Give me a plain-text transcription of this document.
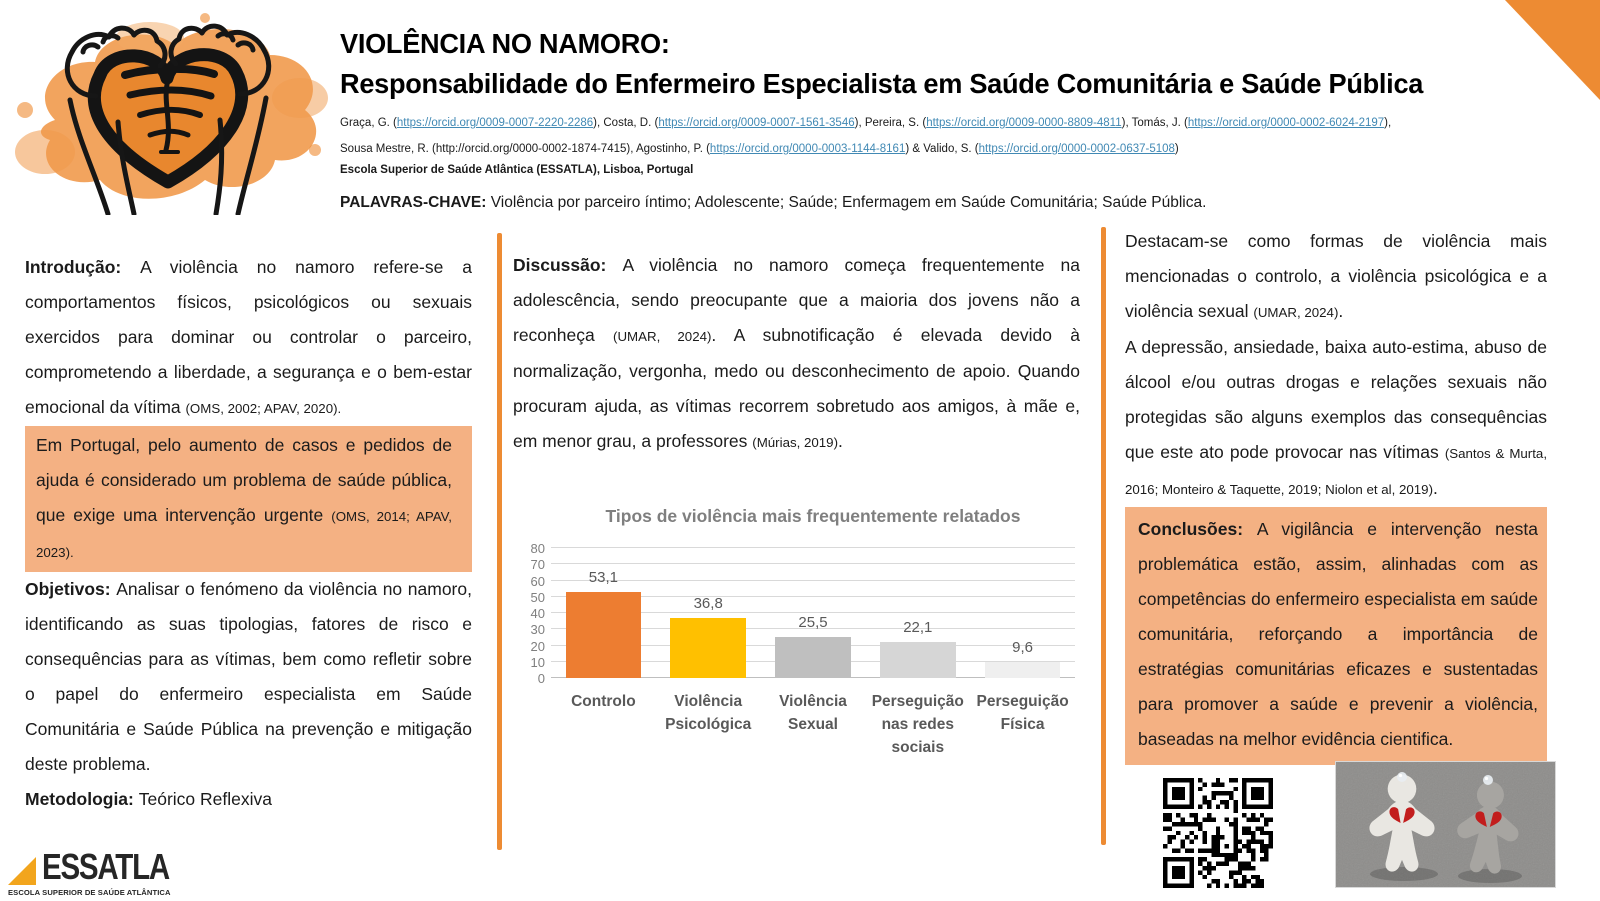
VIOLÊNCIA NO NAMORO:
Responsabilidade do Enfermeiro Especialista em Saúde Comunitária e Saúde Pública

Graça, G. (https://orcid.org/0009-0007-2220-2286), Costa, D. (https://orcid.org/0009-0007-1561-3546), Pereira, S. (https://orcid.org/0009-0000-8809-4811), Tomás, J. (https://orcid.org/0000-0002-6024-2197),

Sousa Mestre, R. (http://orcid.org/0000-0002-1874-7415), Agostinho, P. (https://orcid.org/0000-0003-1144-8161) & Valido, S. (https://orcid.org/0000-0002-0637-5108)

Escola Superior de Saúde Atlântica (ESSATLA), Lisboa, Portugal

PALAVRAS-CHAVE: Violência por parceiro íntimo; Adolescente; Saúde; Enfermagem em Saúde Comunitária; Saúde Pública.

Introdução: A violência no namoro refere-se a comportamentos físicos, psicológicos ou sexuais exercidos para dominar ou controlar o parceiro, comprometendo a liberdade, a segurança e o bem-estar emocional da vítima (OMS, 2002; APAV, 2020).

Em Portugal, pelo aumento de casos e pedidos de ajuda é considerado um problema de saúde pública, que exige uma intervenção urgente (OMS, 2014; APAV, 2023).

Objetivos: Analisar o fenómeno da violência no namoro, identificando as suas tipologias, fatores de risco e consequências para as vítimas, bem como refletir sobre o papel do enfermeiro especialista em Saúde Comunitária e Saúde Pública na prevenção e mitigação deste problema.

Metodologia: Teórico Reflexiva

Discussão: A violência no namoro começa frequentemente na adolescência, sendo preocupante que a maioria dos jovens não a reconheça (UMAR, 2024). A subnotificação é elevada devido à normalização, vergonha, medo ou desconhecimento de apoio. Quando procuram ajuda, as vítimas recorrem sobretudo aos amigos, à mãe e, em menor grau, a professores (Múrias, 2019).

Tipos de violência mais frequentemente relatados
0
10
20
30
40
50
60
70
80
53,1
Controlo
36,8
Violência Psicológica
25,5
Violência Sexual
22,1
Perseguição nas redes sociais
9,6
Perseguição Física

Destacam-se como formas de violência mais mencionadas o controlo, a violência psicológica e a violência sexual (UMAR, 2024).

A depressão, ansiedade, baixa auto-estima, abuso de álcool e/ou outras drogas e relações sexuais não protegidas são alguns exemplos das consequências que este ato pode provocar nas vítimas (Santos & Murta, 2016; Monteiro & Taquette, 2019; Niolon et al, 2019).

Conclusões: A vigilância e intervenção nesta problemática estão, assim, alinhadas com as competências do enfermeiro especialista em saúde comunitária, reforçando a importância de estratégias comunitárias eficazes e sustentadas para promover a saúde e prevenir a violência, baseadas na melhor evidência cientifica.

ESSATLA
ESCOLA SUPERIOR DE SAÚDE ATLÂNTICA
